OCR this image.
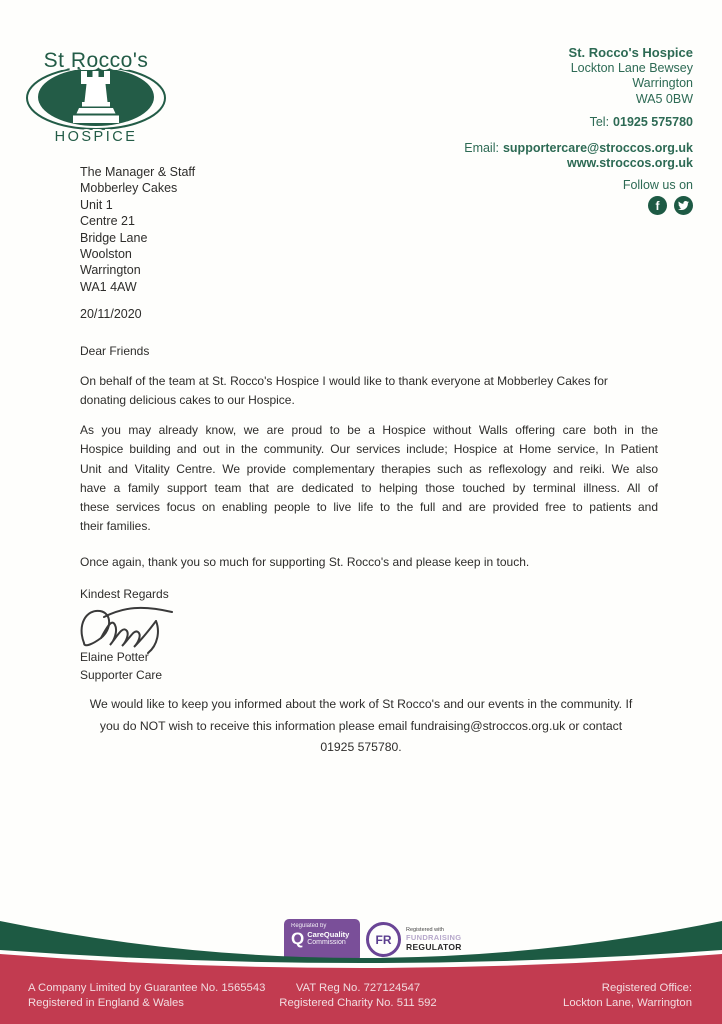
St Rocco's
HOSPICE
St. Rocco's Hospice
Lockton Lane Bewsey
Warrington
WA5 0BW
Tel: 01925 575780
Email: supportercare@stroccos.org.uk
www.stroccos.org.uk
Follow us on
f
The Manager & Staff
Mobberley Cakes
Unit 1
Centre 21
Bridge Lane
Woolston
Warrington
WA1 4AW
20/11/2020
Dear Friends
On behalf of the team at St. Rocco's Hospice I would like to thank everyone at Mobberley Cakes for
donating delicious cakes to our Hospice.
As you may already know, we are proud to be a Hospice without Walls offering care both in the
Hospice building and out in the community. Our services include; Hospice at Home service, In Patient
Unit and Vitality Centre. We provide complementary therapies such as reflexology and reiki. We also
have a family support team that are dedicated to helping those touched by terminal illness. All of
these services focus on enabling people to live life to the full and are provided free to patients and
their families.
Once again, thank you so much for supporting St. Rocco's and please keep in touch.
Kindest Regards
Elaine Potter
Supporter Care
We would like to keep you informed about the work of St Rocco's and our events in the community. If
you do NOT wish to receive this information please email fundraising@stroccos.org.uk or contact
01925 575780.
Regulated by
Q CareQuality
Commission	FR
Registered with
FUNDRAISING
REGULATOR
A Company Limited by Guarantee No. 1565543
Registered in England & Wales
VAT Reg No. 727124547
Registered Charity No. 511 592
Registered Office:
Lockton Lane, Warrington
